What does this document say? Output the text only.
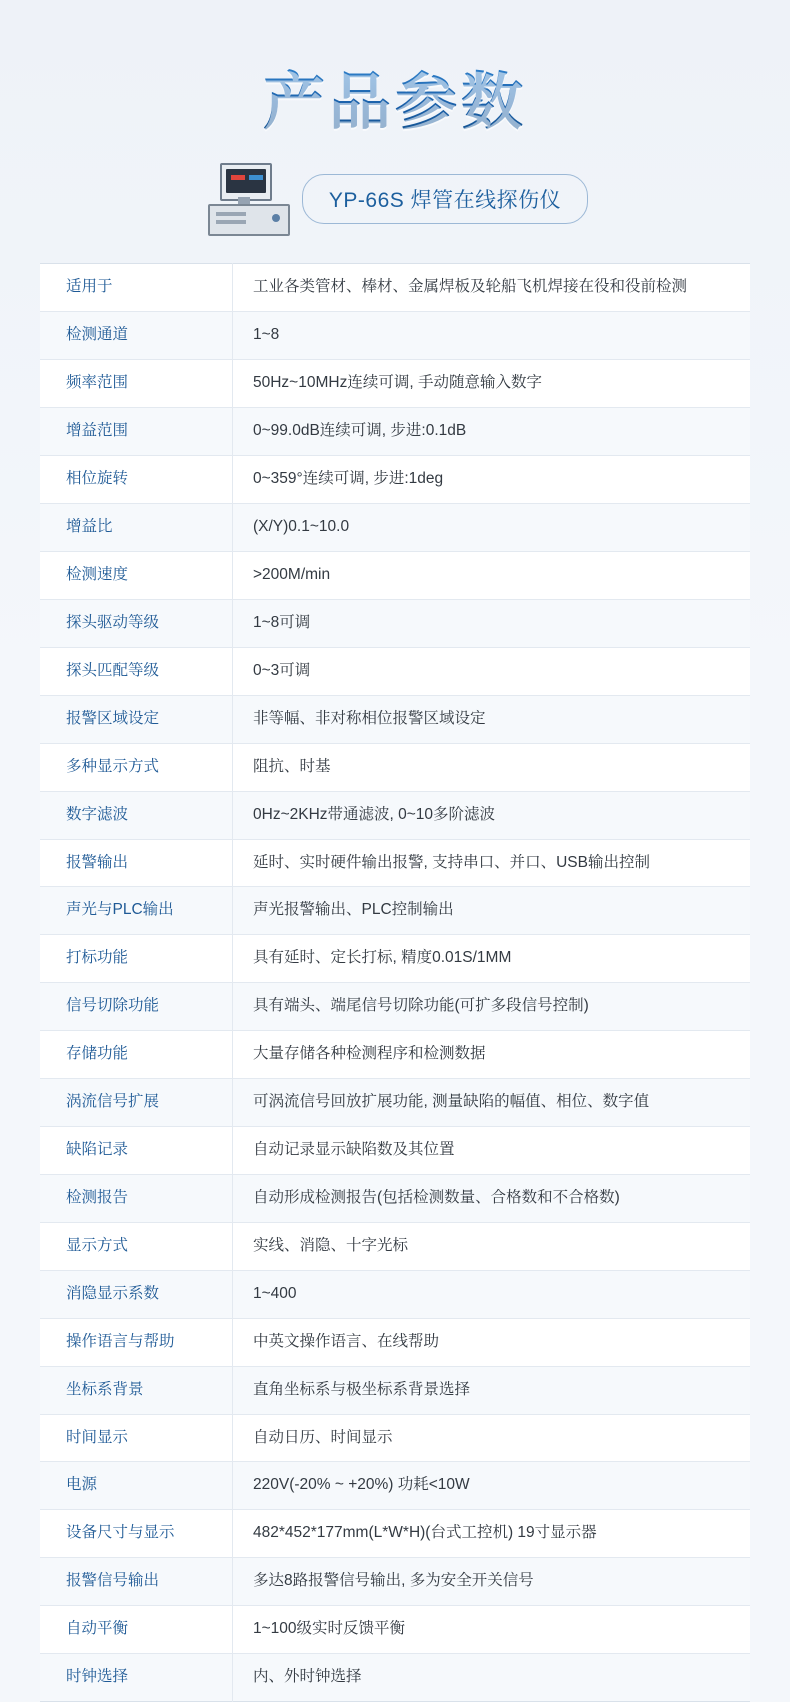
产品参数
YP-66S 焊管在线探伤仪
适用于	工业各类管材、棒材、金属焊板及轮船飞机焊接在役和役前检测
检测通道	1~8
频率范围	50Hz~10MHz连续可调, 手动随意输入数字
增益范围	0~99.0dB连续可调, 步进:0.1dB
相位旋转	0~359°连续可调, 步进:1deg
增益比	(X/Y)0.1~10.0
检测速度	>200M/min
探头驱动等级	1~8可调
探头匹配等级	0~3可调
报警区域设定	非等幅、非对称相位报警区域设定
多种显示方式	阻抗、时基
数字滤波	0Hz~2KHz带通滤波, 0~10多阶滤波
报警输出	延时、实时硬件输出报警, 支持串口、并口、USB输出控制
声光与PLC输出	声光报警输出、PLC控制输出
打标功能	具有延时、定长打标, 精度0.01S/1MM
信号切除功能	具有端头、端尾信号切除功能(可扩多段信号控制)
存储功能	大量存储各种检测程序和检测数据
涡流信号扩展	可涡流信号回放扩展功能, 测量缺陷的幅值、相位、数字值
缺陷记录	自动记录显示缺陷数及其位置
检测报告	自动形成检测报告(包括检测数量、合格数和不合格数)
显示方式	实线、消隐、十字光标
消隐显示系数	1~400
操作语言与帮助	中英文操作语言、在线帮助
坐标系背景	直角坐标系与极坐标系背景选择
时间显示	自动日历、时间显示
电源	220V(-20% ~ +20%) 功耗<10W
设备尺寸与显示	482*452*177mm(L*W*H)(台式工控机) 19寸显示器
报警信号输出	多达8路报警信号输出, 多为安全开关信号
自动平衡	1~100级实时反馈平衡
时钟选择	内、外时钟选择
